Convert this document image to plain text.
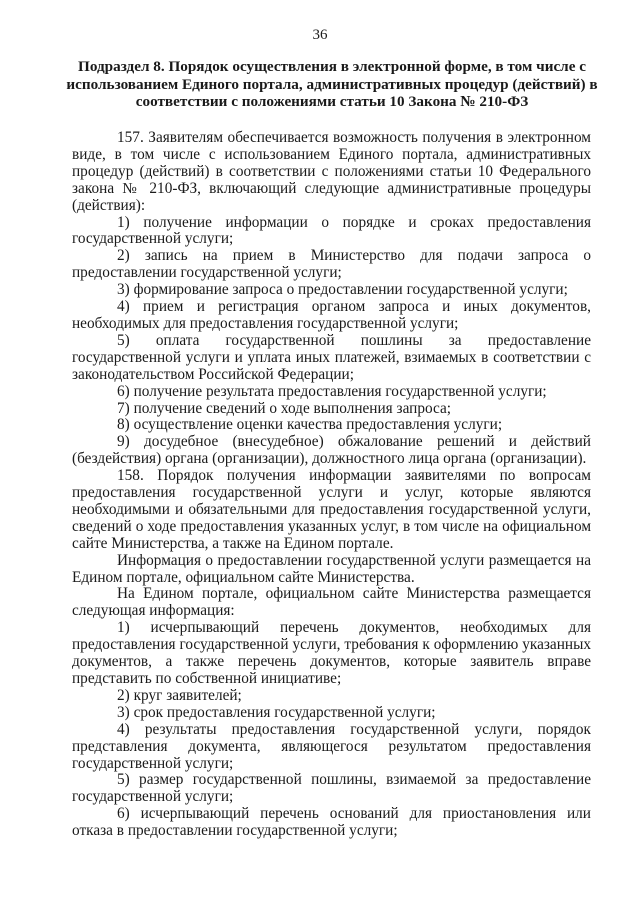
36
Подраздел 8. Порядок осуществления в электронной форме, в том числе с использованием Единого портала, административных процедур (действий) в соответствии с положениями статьи 10 Закона № 210-ФЗ

157. Заявителям обеспечивается возможность получения в электронном виде, в том числе с использованием Единого портала, административных процедур (действий) в соответствии с положениями статьи 10 Федерального закона № 210-ФЗ, включающий следующие административные процедуры (действия):

1) получение информации о порядке и сроках предоставления государственной услуги;

2) запись на прием в Министерство для подачи запроса о предоставлении государственной услуги;

3) формирование запроса о предоставлении государственной услуги;

4) прием и регистрация органом запроса и иных документов, необходимых для предоставления государственной услуги;

5) оплата государственной пошлины за предоставление государственной услуги и уплата иных платежей, взимаемых в соответствии с законодательством Российской Федерации;

6) получение результата предоставления государственной услуги;

7) получение сведений о ходе выполнения запроса;

8) осуществление оценки качества предоставления услуги;

9) досудебное (внесудебное) обжалование решений и действий (бездействия) органа (организации), должностного лица органа (организации).

158. Порядок получения информации заявителями по вопросам предоставления государственной услуги и услуг, которые являются необходимыми и обязательными для предоставления государственной услуги, сведений о ходе предоставления указанных услуг, в том числе на официальном сайте Министерства, а также на Едином портале.

Информация о предоставлении государственной услуги размещается на Едином портале, официальном сайте Министерства.

На Едином портале, официальном сайте Министерства размещается следующая информация:

1) исчерпывающий перечень документов, необходимых для предоставления государственной услуги, требования к оформлению указанных документов, а также перечень документов, которые заявитель вправе представить по собственной инициативе;

2) круг заявителей;

3) срок предоставления государственной услуги;

4) результаты предоставления государственной услуги, порядок представления документа, являющегося результатом предоставления государственной услуги;

5) размер государственной пошлины, взимаемой за предоставление государственной услуги;

6) исчерпывающий перечень оснований для приостановления или отказа в предоставлении государственной услуги;
